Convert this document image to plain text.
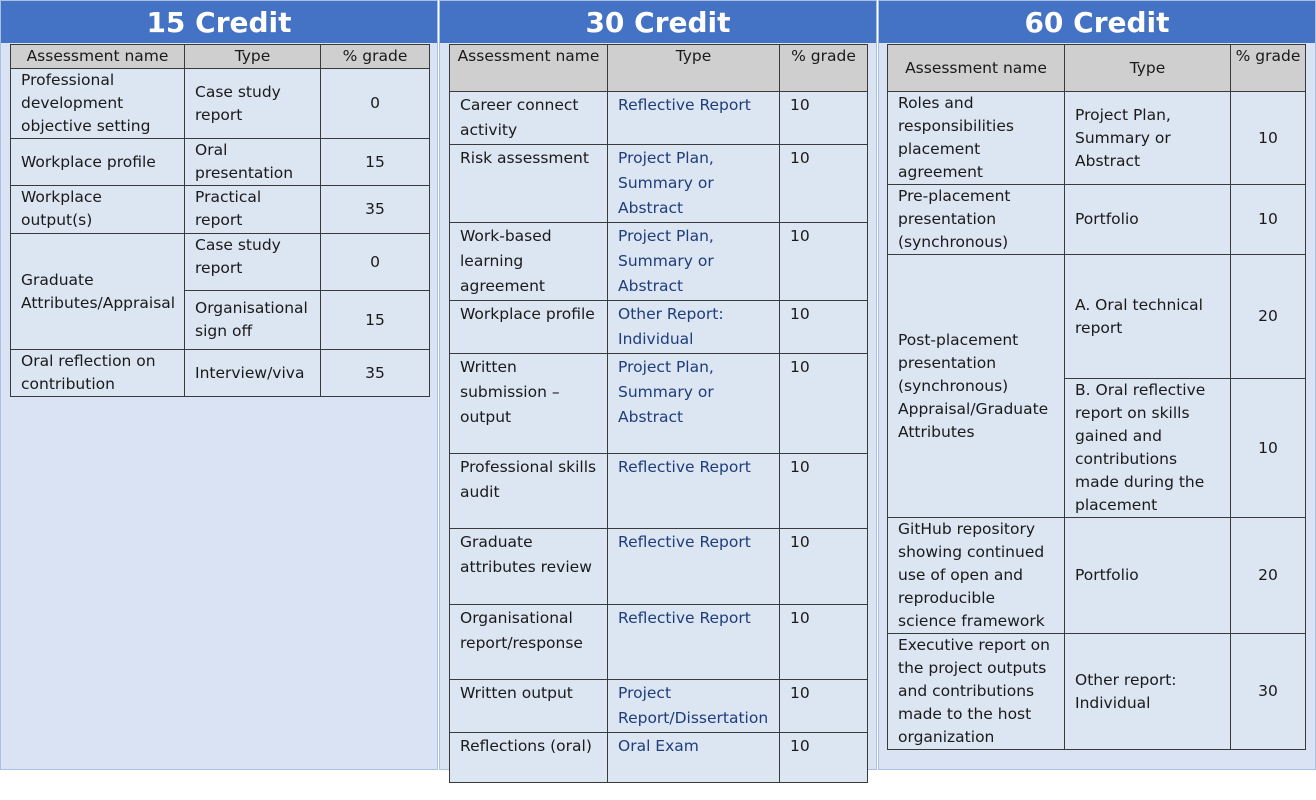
15 Credit	30 Credit	60 Credit
Assessment name	Type	% grade
Professional development objective setting	Case study report	0
Workplace profile	Oral presentation	15
Workplace output(s)	Practical report	35
Graduate Attributes/Appraisal	Case study report	0
	Organisational sign off	15
Oral reflection on contribution	Interview/viva	35
Assessment name	Type	% grade
Career connect activity	Reflective Report	10
Risk assessment	Project Plan, Summary or Abstract	10
Work-based learning agreement	Project Plan, Summary or Abstract	10
Workplace profile	Other Report: Individual	10
Written submission – output	Project Plan, Summary or Abstract	10
Professional skills audit	Reflective Report	10
Graduate attributes review	Reflective Report	10
Organisational report/response	Reflective Report	10
Written output	Project Report/Dissertation	10
Reflections (oral)	Oral Exam	10
Assessment name	Type	% grade
Roles and responsibilities placement agreement	Project Plan, Summary or Abstract	10
Pre-placement presentation (synchronous)	Portfolio	10
Post-placement presentation (synchronous) Appraisal/Graduate Attributes	A. Oral technical report	20
	B. Oral reflective report on skills gained and contributions made during the placement	10
GitHub repository showing continued use of open and reproducible science framework	Portfolio	20
Executive report on the project outputs and contributions made to the host organization	Other report: Individual	30
